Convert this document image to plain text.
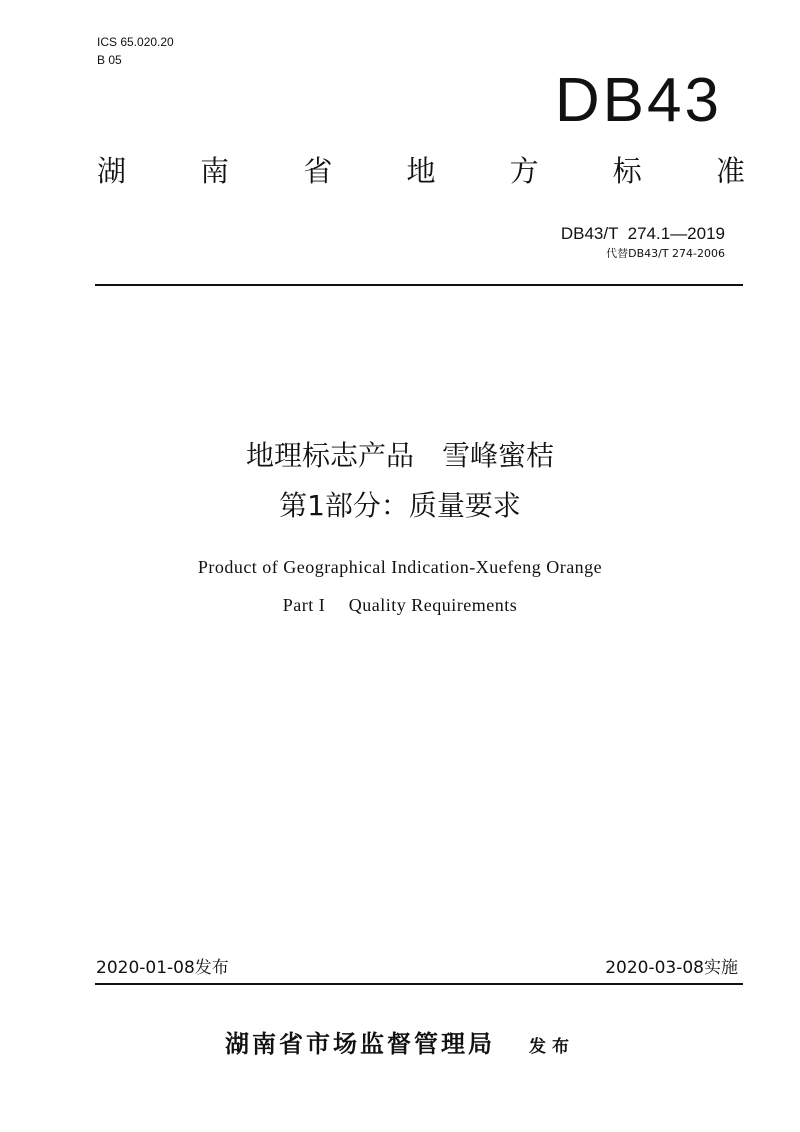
ICS 65.020.20
B 05
DB43
湖	南	省	地	方	标	准
DB43/T  274.1—2019
代替DB43/T 274-2006
地理标志产品　雪峰蜜桔
第1部分：质量要求
Product of Geographical Indication-Xuefeng Orange
Part I　 Quality Requirements
2020-01-08发布	2020-03-08实施
湖南省市场监督管理局 发布
